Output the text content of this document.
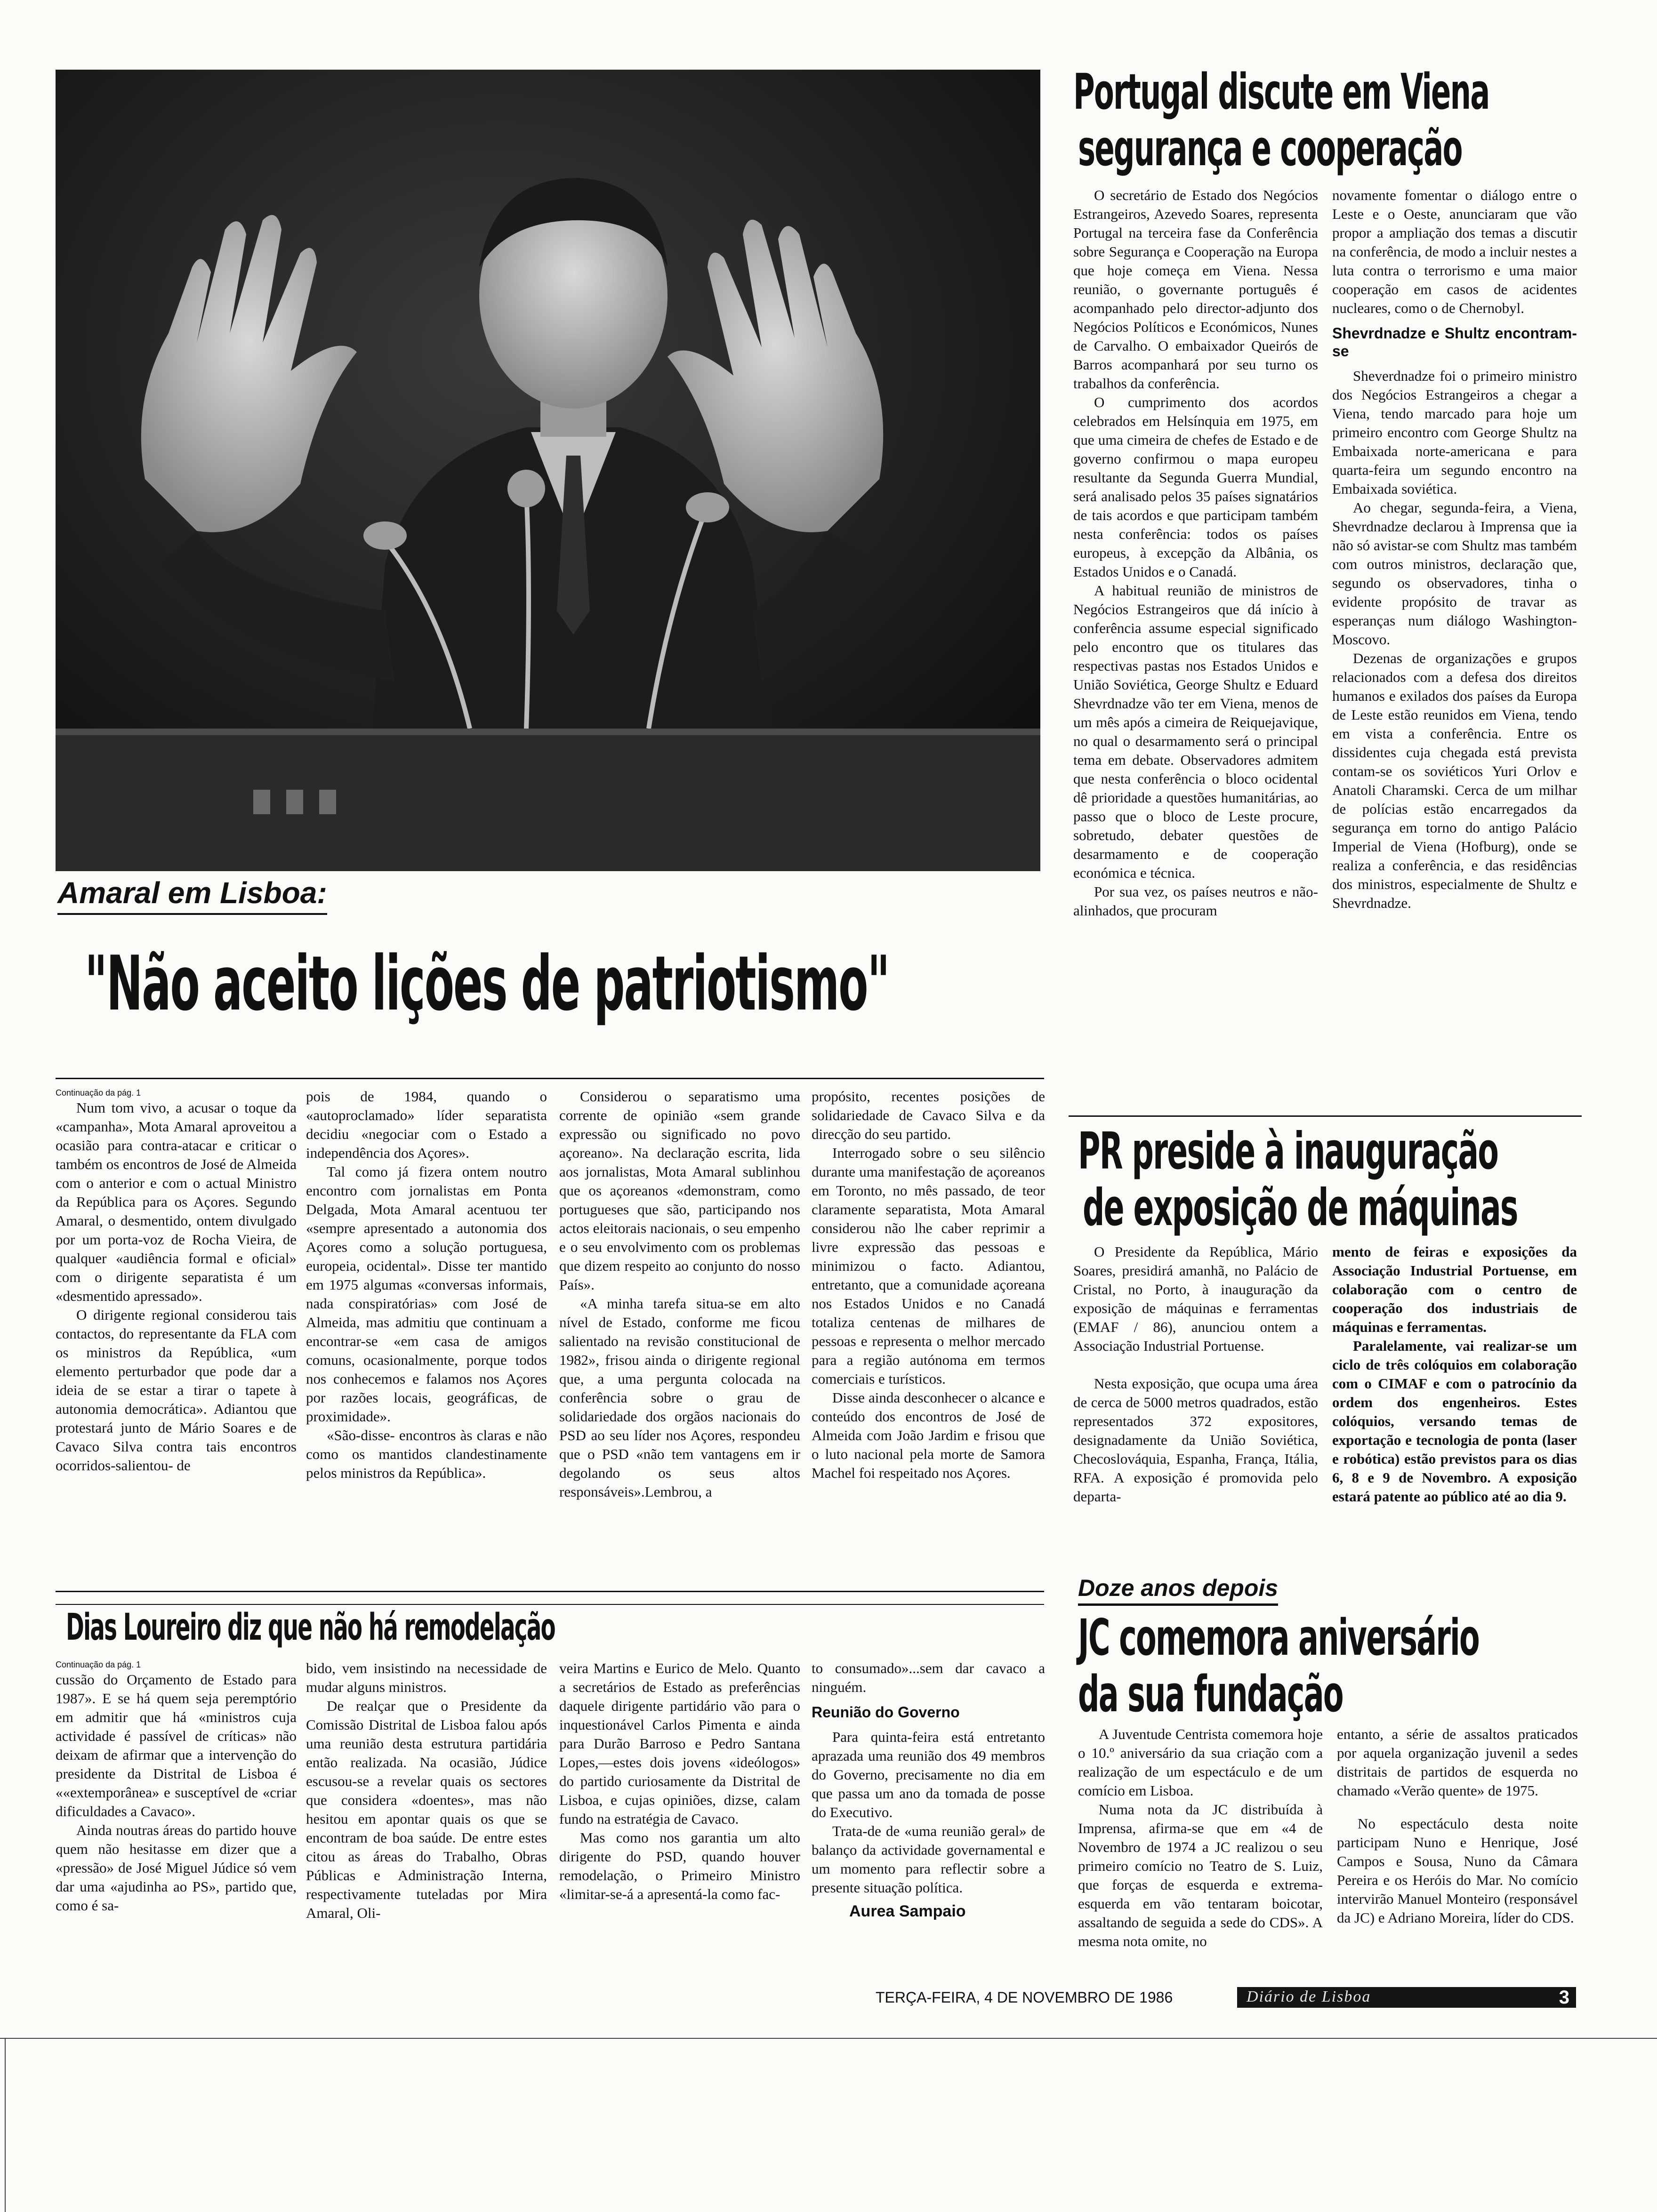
Amaral em Lisboa:
"Não aceito lições de patriotismo"

Continuação da pág. 1

Num tom vivo, a acusar o toque da «campanha», Mota Amaral aproveitou a ocasião para contra-atacar e criticar o também os encontros de José de Almeida com o anterior e com o actual Ministro da República para os Açores. Segundo Amaral, o desmentido, ontem divulgado por um porta-voz de Rocha Vieira, de qualquer «audiência formal e oficial» com o dirigente separatista é um «desmentido apressado».

O dirigente regional considerou tais contactos, do representante da FLA com os ministros da República, «um elemento perturbador que pode dar a ideia de se estar a tirar o tapete à autonomia democrática». Adiantou que protestará junto de Mário Soares e de Cavaco Silva contra tais encontros ocorridos-salientou- de

pois de 1984, quando o «autoproclamado» líder separatista decidiu «negociar com o Estado a independência dos Açores».

Tal como já fizera ontem noutro encontro com jornalistas em Ponta Delgada, Mota Amaral acentuou ter «sempre apresentado a autonomia dos Açores como a solução portuguesa, europeia, ocidental». Disse ter mantido em 1975 algumas «conversas informais, nada conspiratórias» com José de Almeida, mas admitiu que continuam a encontrar-se «em casa de amigos comuns, ocasionalmente, porque todos nos conhecemos e falamos nos Açores por razões locais, geográficas, de proximidade».

«São-disse- encontros às claras e não como os mantidos clandestinamente pelos ministros da República».

Considerou o separatismo uma corrente de opinião «sem grande expressão ou significado no povo açoreano». Na declaração escrita, lida aos jornalistas, Mota Amaral sublinhou que os açoreanos «demonstram, como portugueses que são, participando nos actos eleitorais nacionais, o seu empenho e o seu envolvimento com os problemas que dizem respeito ao conjunto do nosso País».

«A minha tarefa situa-se em alto nível de Estado, conforme me ficou salientado na revisão constitucional de 1982», frisou ainda o dirigente regional que, a uma pergunta colocada na conferência sobre o grau de solidariedade dos orgãos nacionais do PSD ao seu líder nos Açores, respondeu que o PSD «não tem vantagens em ir degolando os seus altos responsáveis».Lembrou, a

propósito, recentes posições de solidariedade de Cavaco Silva e da direcção do seu partido.

Interrogado sobre o seu silêncio durante uma manifestação de açoreanos em Toronto, no mês passado, de teor claramente separatista, Mota Amaral considerou não lhe caber reprimir a livre expressão das pessoas e minimizou o facto. Adiantou, entretanto, que a comunidade açoreana nos Estados Unidos e no Canadá totaliza centenas de milhares de pessoas e representa o melhor mercado para a região autónoma em termos comerciais e turísticos.

Disse ainda desconhecer o alcance e conteúdo dos encontros de José de Almeida com João Jardim e frisou que o luto nacional pela morte de Samora Machel foi respeitado nos Açores.

Portugal discute em Viena
segurança e cooperação

O secretário de Estado dos Negócios Estrangeiros, Azevedo Soares, representa Portugal na terceira fase da Conferência sobre Segurança e Cooperação na Europa que hoje começa em Viena. Nessa reunião, o governante português é acompanhado pelo director-adjunto dos Negócios Políticos e Económicos, Nunes de Carvalho. O embaixador Queirós de Barros acompanhará por seu turno os trabalhos da conferência.

O cumprimento dos acordos celebrados em Helsínquia em 1975, em que uma cimeira de chefes de Estado e de governo confirmou o mapa europeu resultante da Segunda Guerra Mundial, será analisado pelos 35 países signatários de tais acordos e que participam também nesta conferência: todos os países europeus, à excepção da Albânia, os Estados Unidos e o Canadá.

A habitual reunião de ministros de Negócios Estrangeiros que dá início à conferência assume especial significado pelo encontro que os titulares das respectivas pastas nos Estados Unidos e União Soviética, George Shultz e Eduard Shevrdnadze vão ter em Viena, menos de um mês após a cimeira de Reiquejavique, no qual o desarmamento será o principal tema em debate. Observadores admitem que nesta conferência o bloco ocidental dê prioridade a questões humanitárias, ao passo que o bloco de Leste procure, sobretudo, debater questões de desarmamento e de cooperação económica e técnica.

Por sua vez, os países neutros e não-alinhados, que procuram

novamente fomentar o diálogo entre o Leste e o Oeste, anunciaram que vão propor a ampliação dos temas a discutir na conferência, de modo a incluir nestes a luta contra o terrorismo e uma maior cooperação em casos de acidentes nucleares, como o de Chernobyl.

Shevrdnadze e Shultz encontram-se

Sheverdnadze foi o primeiro ministro dos Negócios Estrangeiros a chegar a Viena, tendo marcado para hoje um primeiro encontro com George Shultz na Embaixada norte-americana e para quarta-feira um segundo encontro na Embaixada soviética.

Ao chegar, segunda-feira, a Viena, Shevrdnadze declarou à Imprensa que ia não só avistar-se com Shultz mas também com outros ministros, declaração que, segundo os observadores, tinha o evidente propósito de travar as esperanças num diálogo Washington-Moscovo.

Dezenas de organizações e grupos relacionados com a defesa dos direitos humanos e exilados dos países da Europa de Leste estão reunidos em Viena, tendo em vista a conferência. Entre os dissidentes cuja chegada está prevista contam-se os soviéticos Yuri Orlov e Anatoli Charamski. Cerca de um milhar de polícias estão encarregados da segurança em torno do antigo Palácio Imperial de Viena (Hofburg), onde se realiza a conferência, e das residências dos ministros, especialmente de Shultz e Shevrdnadze.

PR preside à inauguração
de exposição de máquinas

O Presidente da República, Mário Soares, presidirá amanhã, no Palácio de Cristal, no Porto, à inauguração da exposição de máquinas e ferramentas (EMAF / 86), anunciou ontem a Associação Industrial Portuense.

Nesta exposição, que ocupa uma área de cerca de 5000 metros quadrados, estão representados 372 expositores, designadamente da União Soviética, Checoslováquia, Espanha, França, Itália, RFA. A exposição é promovida pelo departa-

mento de feiras e exposições da Associação Industrial Portuense, em colaboração com o centro de cooperação dos industriais de máquinas e ferramentas.

Paralelamente, vai realizar-se um ciclo de três colóquios em colaboração com o CIMAF e com o patrocínio da ordem dos engenheiros. Estes colóquios, versando temas de exportação e tecnologia de ponta (laser e robótica) estão previstos para os dias 6, 8 e 9 de Novembro. A exposição estará patente ao público até ao dia 9.

Doze anos depois
JC comemora aniversário
da sua fundação

A Juventude Centrista comemora hoje o 10.º aniversário da sua criação com a realização de um espectáculo e de um comício em Lisboa.

Numa nota da JC distribuída à Imprensa, afirma-se que em «4 de Novembro de 1974 a JC realizou o seu primeiro comício no Teatro de S. Luiz, que forças de esquerda e extrema-esquerda em vão tentaram boicotar, assaltando de seguida a sede do CDS». A mesma nota omite, no

entanto, a série de assaltos praticados por aquela organização juvenil a sedes distritais de partidos de esquerda no chamado «Verão quente» de 1975.

No espectáculo desta noite participam Nuno e Henrique, José Campos e Sousa, Nuno da Câmara Pereira e os Heróis do Mar. No comício intervirão Manuel Monteiro (responsável da JC) e Adriano Moreira, líder do CDS.

Dias Loureiro diz que não há remodelação

Continuação da pág. 1

cussão do Orçamento de Estado para 1987». E se há quem seja peremptório em admitir que há «ministros cuja actividade é passível de críticas» não deixam de afirmar que a intervenção do presidente da Distrital de Lisboa é ««extemporânea» e susceptível de «criar dificuldades a Cavaco».

Ainda noutras áreas do partido houve quem não hesitasse em dizer que a «pressão» de José Miguel Júdice só vem dar uma «ajudinha ao PS», partido que, como é sa-

bido, vem insistindo na necessidade de mudar alguns ministros.

De realçar que o Presidente da Comissão Distrital de Lisboa falou após uma reunião desta estrutura partidária então realizada. Na ocasião, Júdice escusou-se a revelar quais os sectores que considera «doentes», mas não hesitou em apontar quais os que se encontram de boa saúde. De entre estes citou as áreas do Trabalho, Obras Públicas e Administração Interna, respectivamente tuteladas por Mira Amaral, Oli-

veira Martins e Eurico de Melo. Quanto a secretários de Estado as preferências daquele dirigente partidário vão para o inquestionável Carlos Pimenta e ainda para Durão Barroso e Pedro Santana Lopes,—estes dois jovens «ideólogos» do partido curiosamente da Distrital de Lisboa, e cujas opiniões, dizse, calam fundo na estratégia de Cavaco.

Mas como nos garantia um alto dirigente do PSD, quando houver remodelação, o Primeiro Ministro «limitar-se-á a apresentá-la como fac-

to consumado»...sem dar cavaco a ninguém.

Reunião do Governo

Para quinta-feira está entretanto aprazada uma reunião dos 49 membros do Governo, precisamente no dia em que passa um ano da tomada de posse do Executivo.

Trata-de de «uma reunião geral» de balanço da actividade governamental e um momento para reflectir sobre a presente situação política.

Aurea Sampaio

TERÇA-FEIRA, 4 DE NOVEMBRO DE 1986	Diário de Lisboa	3
